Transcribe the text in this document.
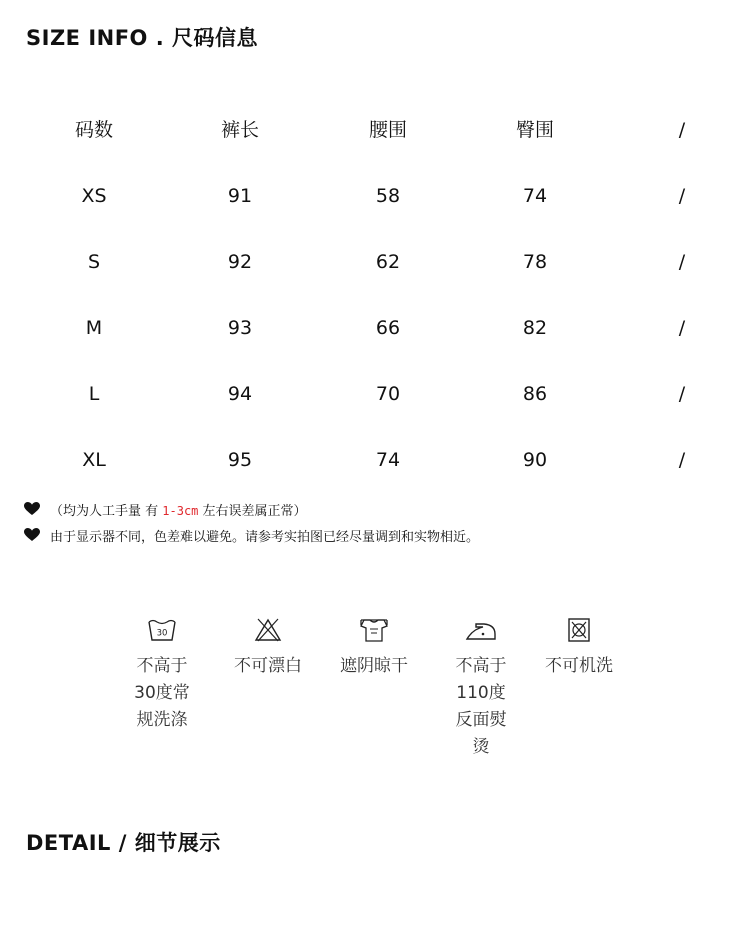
SIZE INFO . 尺码信息
码数	裤长	腰围	臀围	/
XS	91	58	74	/
S	92	62	78	/
M	93	66	82	/
L	94	70	86	/
XL	95	74	90	/
（均为人工手量 有 1-3cm 左右误差属正常）
由于显示器不同，色差难以避免。请参考实拍图已经尽量调到和实物相近。
30
不高于30度常规洗涤
不可漂白	遮阴晾干	不高于110度反面熨烫
不可机洗
DETAIL / 细节展示
